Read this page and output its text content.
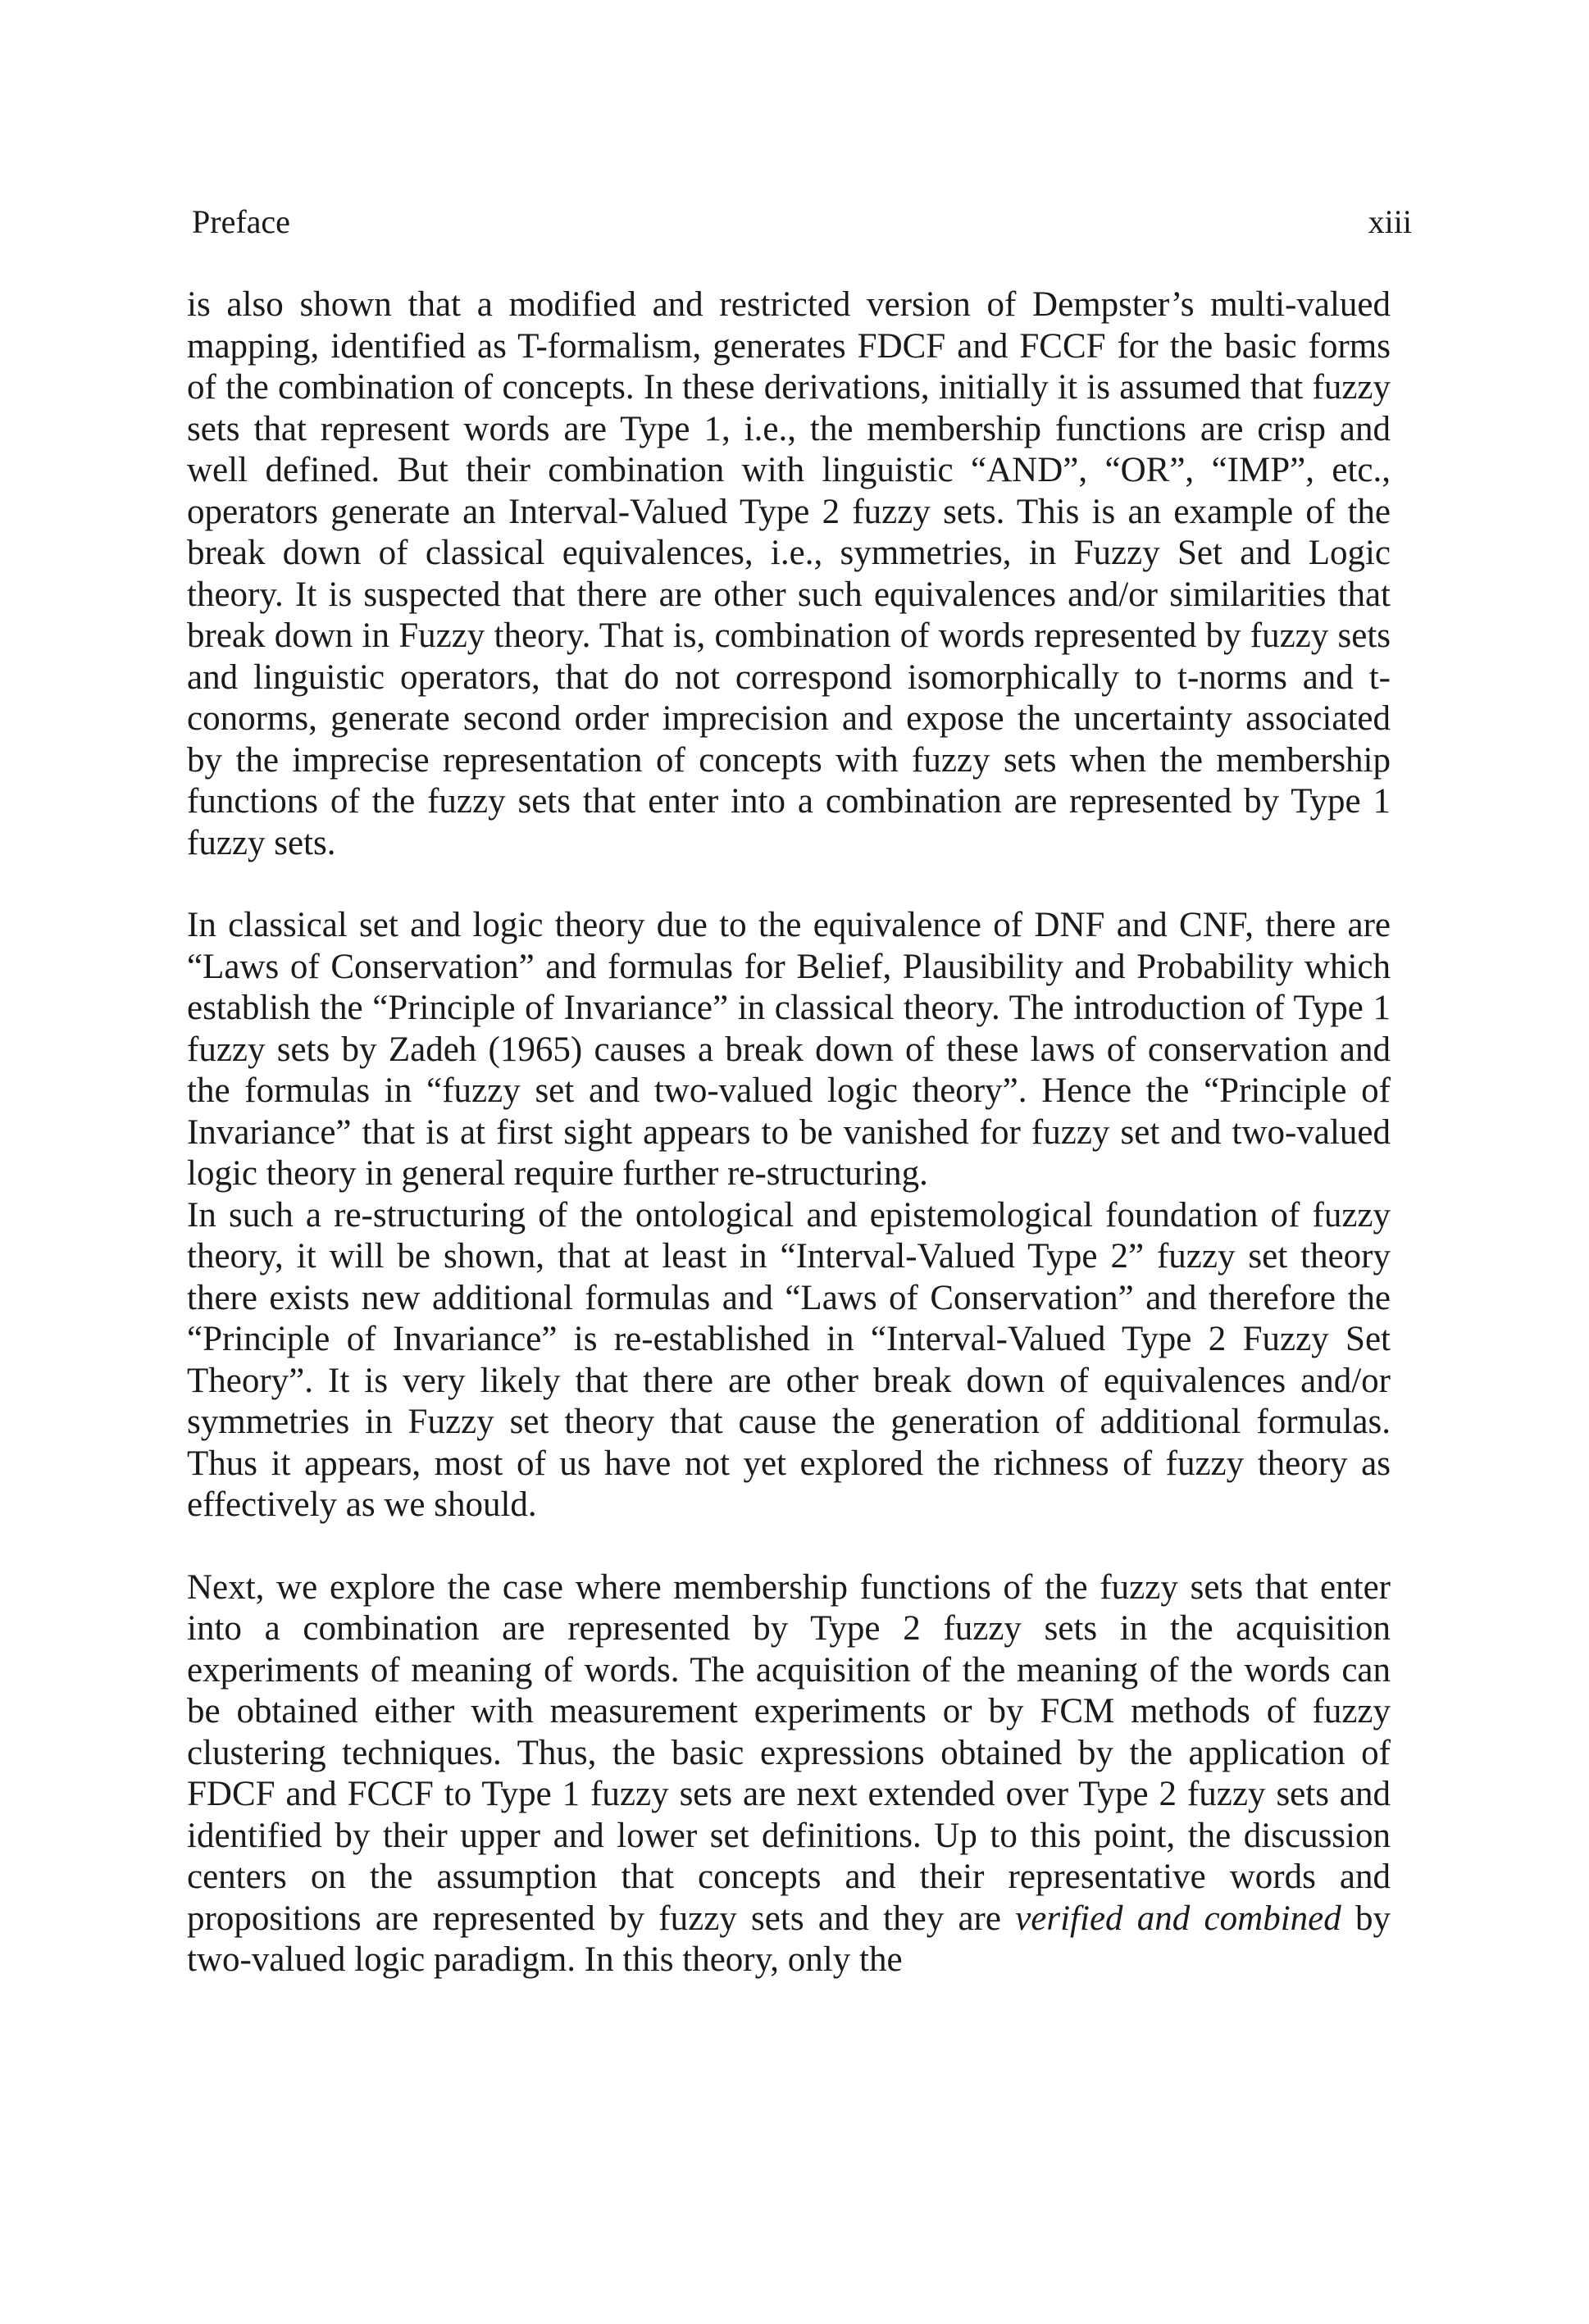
Preface	xiii

is also shown that a modified and restricted version of Dempster’s multi-valued mapping, identified as T-formalism, generates FDCF and FCCF for the basic forms of the combination of concepts. In these derivations, initially it is assumed that fuzzy sets that represent words are Type 1, i.e., the membership functions are crisp and well defined. But their combination with linguistic “AND”, “OR”, “IMP”, etc., operators generate an Interval-Valued Type 2 fuzzy sets. This is an example of the break down of classical equivalences, i.e., symmetries, in Fuzzy Set and Logic theory. It is suspected that there are other such equivalences and/or similarities that break down in Fuzzy theory. That is, combination of words represented by fuzzy sets and linguistic operators, that do not correspond isomorphically to t-norms and t-conorms, generate second order imprecision and expose the uncertainty associated by the imprecise representation of concepts with fuzzy sets when the membership functions of the fuzzy sets that enter into a combination are represented by Type 1 fuzzy sets.

In classical set and logic theory due to the equivalence of DNF and CNF, there are “Laws of Conservation” and formulas for Belief, Plausibility and Probability which establish the “Principle of Invariance” in classical theory. The introduction of Type 1 fuzzy sets by Zadeh (1965) causes a break down of these laws of conservation and the formulas in “fuzzy set and two-valued logic theory”. Hence the “Principle of Invariance” that is at first sight appears to be vanished for fuzzy set and two-valued logic theory in general require further re-structuring.

In such a re-structuring of the ontological and epistemological foundation of fuzzy theory, it will be shown, that at least in “Interval-Valued Type 2” fuzzy set theory there exists new additional formulas and “Laws of Conservation” and therefore the “Principle of Invariance” is re-established in “Interval-Valued Type 2 Fuzzy Set Theory”. It is very likely that there are other break down of equivalences and/or symmetries in Fuzzy set theory that cause the generation of additional formulas. Thus it appears, most of us have not yet explored the richness of fuzzy theory as effectively as we should.

Next, we explore the case where membership functions of the fuzzy sets that enter into a combination are represented by Type 2 fuzzy sets in the acquisition experiments of meaning of words. The acquisition of the meaning of the words can be obtained either with measurement experiments or by FCM methods of fuzzy clustering techniques. Thus, the basic expressions obtained by the application of FDCF and FCCF to Type 1 fuzzy sets are next extended over Type 2 fuzzy sets and identified by their upper and lower set definitions. Up to this point, the discussion centers on the assumption that concepts and their representative words and propositions are represented by fuzzy sets and they are verified and combined by two-valued logic paradigm. In this theory, only the
